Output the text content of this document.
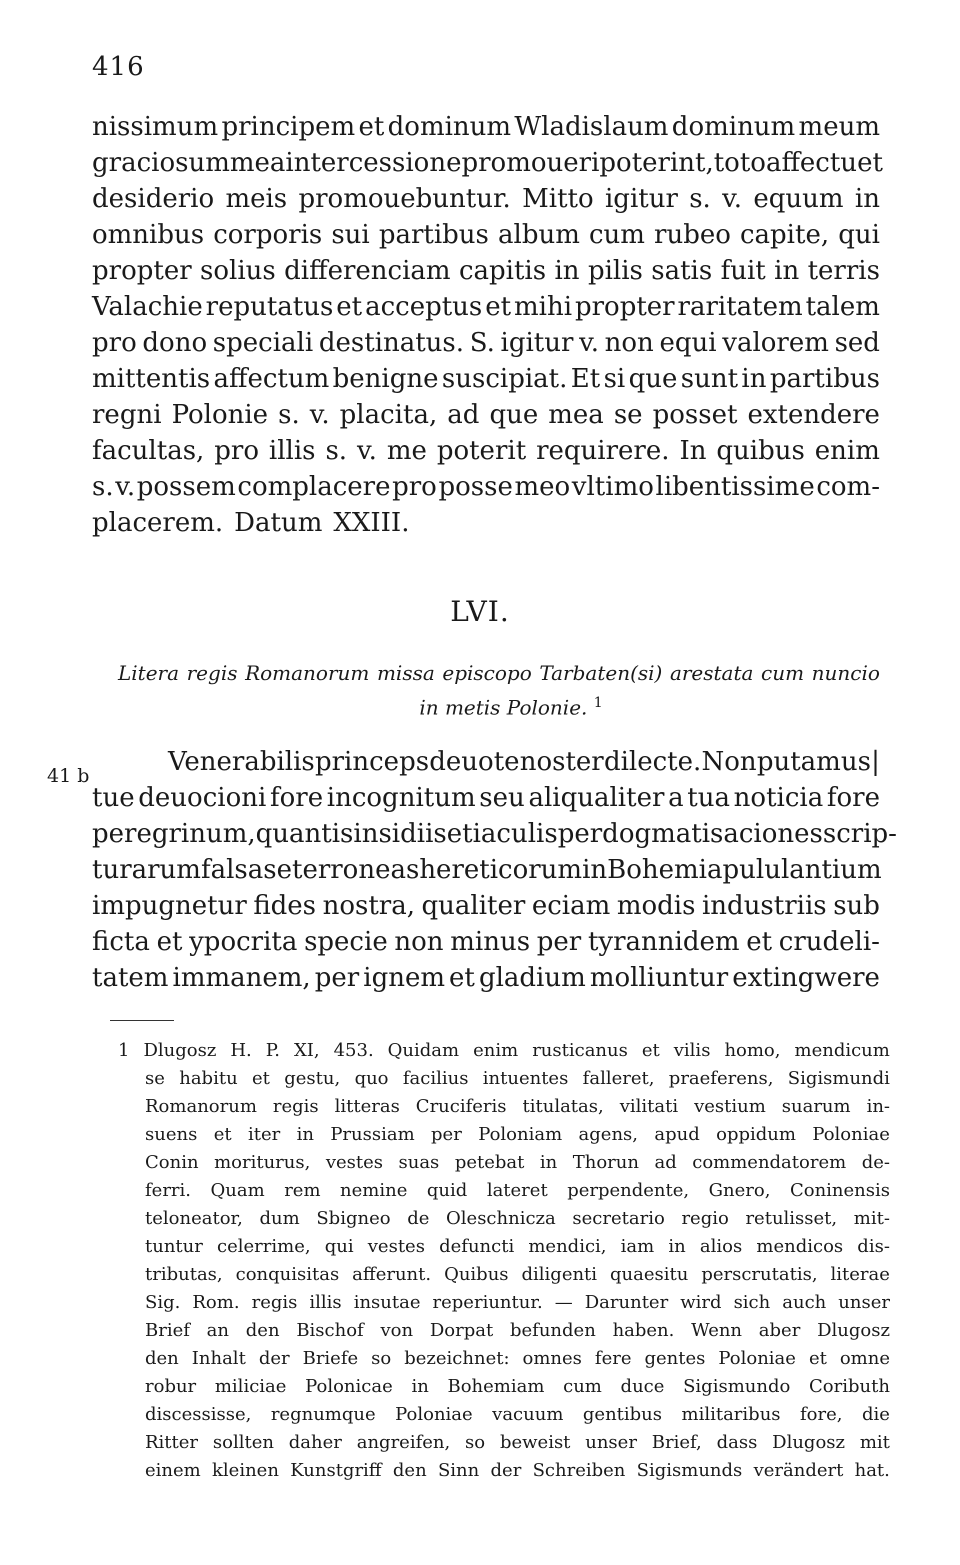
416
nissimum principem et dominum Wladislaum dominum meum
graciosum mea intercessione promoueri poterint, toto affectu et
desiderio meis promouebuntur. Mitto igitur s. v. equum in
omnibus corporis sui partibus album cum rubeo capite, qui
propter solius differenciam capitis in pilis satis fuit in terris
Valachie reputatus et acceptus et mihi propter raritatem talem
pro dono speciali destinatus. S. igitur v. non equi valorem sed
mittentis affectum benigne suscipiat. Et si que sunt in partibus
regni Polonie s. v. placita, ad que mea se posset extendere
facultas, pro illis s. v. me poterit requirere. In quibus enim
s. v. possem complacere pro posse meo vltimo libentissime com-
placerem. Datum XXIII.
LVI.
Litera regis Romanorum missa episcopo Tarbaten(si) arestata cum nuncio
in metis Polonie. $^1$
41 b	Venerabilis princeps deuote noster dilecte. Non putamus |
tue deuocioni fore incognitum seu aliqualiter a tua noticia fore
peregrinum, quantis insidiis et iaculis per dogmatisaciones scrip-
turarum falsas et erroneas hereticorum in Bohemia pululantium
impugnetur fides nostra, qualiter eciam modis industriis sub
ficta et ypocrita specie non minus per tyrannidem et crudeli-
tatem immanem, per ignem et gladium molliuntur extingwere
1 Dlugosz H. P. XI, 453. Quidam enim rusticanus et vilis homo, mendicum
se habitu et gestu, quo facilius intuentes falleret, praeferens, Sigismundi
Romanorum regis litteras Cruciferis titulatas, vilitati vestium suarum in-
suens et iter in Prussiam per Poloniam agens, apud oppidum Poloniae
Conin moriturus, vestes suas petebat in Thorun ad commendatorem de-
ferri. Quam rem nemine quid lateret perpendente, Gnero, Coninensis
teloneator, dum Sbigneo de Oleschnicza secretario regio retulisset, mit-
tuntur celerrime, qui vestes defuncti mendici, iam in alios mendicos dis-
tributas, conquisitas afferunt. Quibus diligenti quaesitu perscrutatis, literae
Sig. Rom. regis illis insutae reperiuntur. — Darunter wird sich auch unser
Brief an den Bischof von Dorpat befunden haben. Wenn aber Dlugosz
den Inhalt der Briefe so bezeichnet: omnes fere gentes Poloniae et omne
robur miliciae Polonicae in Bohemiam cum duce Sigismundo Coributh
discessisse, regnumque Poloniae vacuum gentibus militaribus fore, die
Ritter sollten daher angreifen, so beweist unser Brief, dass Dlugosz mit
einem kleinen Kunstgriff den Sinn der Schreiben Sigismunds verändert hat.
